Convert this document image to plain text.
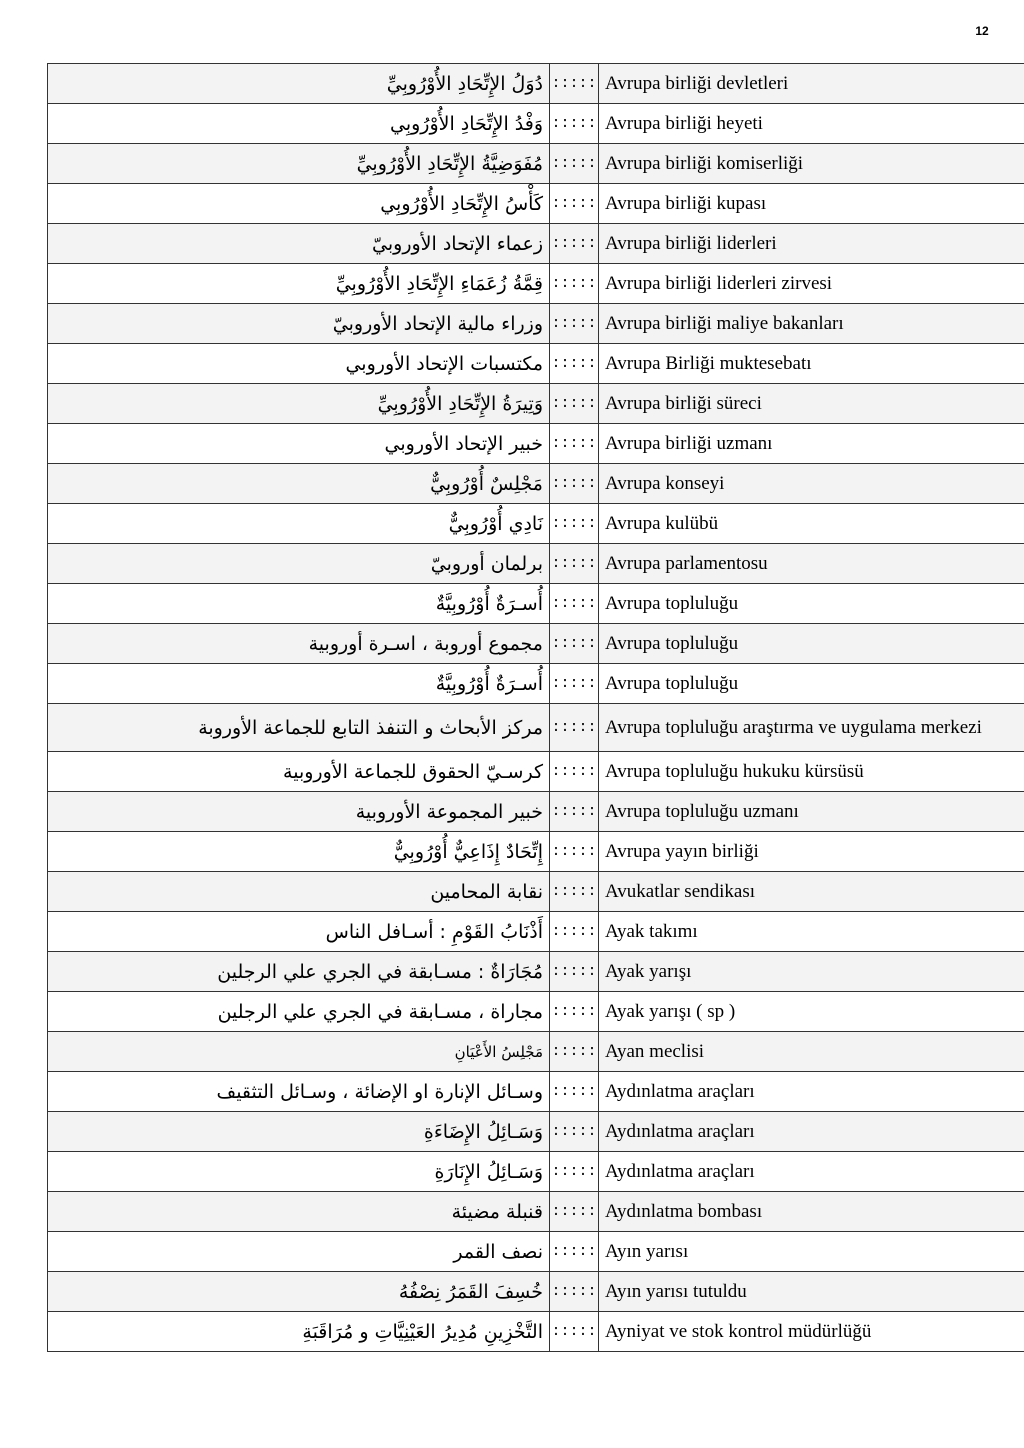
12
دُوَلُ الإِتِّحَادِ الأُوْرُوبِيِّ	:::::	Avrupa birliği devletleri
وَفْدُ الإِتِّحَادِ الأُوْرُوبِي	:::::	Avrupa birliği heyeti
مُفَوَضِيَّةُ الإِتِّحَادِ الأُوْرُوبِيِّ	:::::	Avrupa birliği komiserliği
كَأْسُ الإِتِّحَادِ الأُوْرُوبِي	:::::	Avrupa birliği kupası
زعماء الإتحاد الأوروبيّ	:::::	Avrupa birliği liderleri
قِمَّةُ زُعَمَاءِ الإِتِّحَادِ الأُوْرُوبِيِّ	:::::	Avrupa birliği liderleri zirvesi
وزراء مالية الإتحاد الأوروبيّ	:::::	Avrupa birliği maliye bakanları
مكتسبات الإتحاد الأوروبي	:::::	Avrupa Birliği muktesebatı
وَتِيرَةُ الإِتِّحَادِ الأُوْرُوبِيِّ	:::::	Avrupa birliği süreci
خبير الإتحاد الأوروبي	:::::	Avrupa birliği uzmanı
مَجْلِسٌ أُوْرُوبِيٌّ	:::::	Avrupa konseyi
نَادِي أُوْرُوبِيٌّ	:::::	Avrupa kulübü
برلمان أوروبيّ	:::::	Avrupa parlamentosu
أُسـرَةٌ أُوْرُوبِيَّةٌ	:::::	Avrupa topluluğu
مجموع أوروبة ، اسـرة أوروبية	:::::	Avrupa topluluğu
أُسـرَةٌ أُوْرُوبِيَّةٌ	:::::	Avrupa topluluğu
مركز الأبحاث و التنفذ التابع للجماعة الأوروبة	:::::	Avrupa topluluğu araştırma ve uygulama merkezi
كرسـيّ الحقوق للجماعة الأوروبية	:::::	Avrupa topluluğu hukuku kürsüsü
خبير المجموعة الأوروبية	:::::	Avrupa topluluğu uzmanı
إِتِّحَادٌ إِذَاعِيٌّ أُوْرُوبِيٌّ	:::::	Avrupa yayın birliği
نقابة المحامين	:::::	Avukatlar sendikası
أَذْنَابُ القَوْمِ : أسـافل الناس	:::::	Ayak takımı
مُجَارَاةٌ : مسـابقة في الجري علي الرجلين	:::::	Ayak yarışı
مجاراة ، مسـابقة في الجري علي الرجلين	:::::	Ayak yarışı ( sp )
مَجْلِسُ الأَعْيَانِ	:::::	Ayan meclisi
وسـائل الإنارة او الإضائة ، وسـائل التثقيف	:::::	Aydınlatma araçları
وَسَـائِلُ الإِضَاءَةِ	:::::	Aydınlatma araçları
وَسَـائِلُ الإِنَارَةِ	:::::	Aydınlatma araçları
قنبلة مضيئة	:::::	Aydınlatma bombası
نصف القمر	:::::	Ayın yarısı
خُسِفَ القَمَرُ نِصْفُهُ	:::::	Ayın yarısı tutuldu
التَّخْزِينِ مُدِيرُ العَيْنِيَّاتِ و مُرَاقَبَةِ	:::::	Ayniyat ve stok kontrol müdürlüğü
